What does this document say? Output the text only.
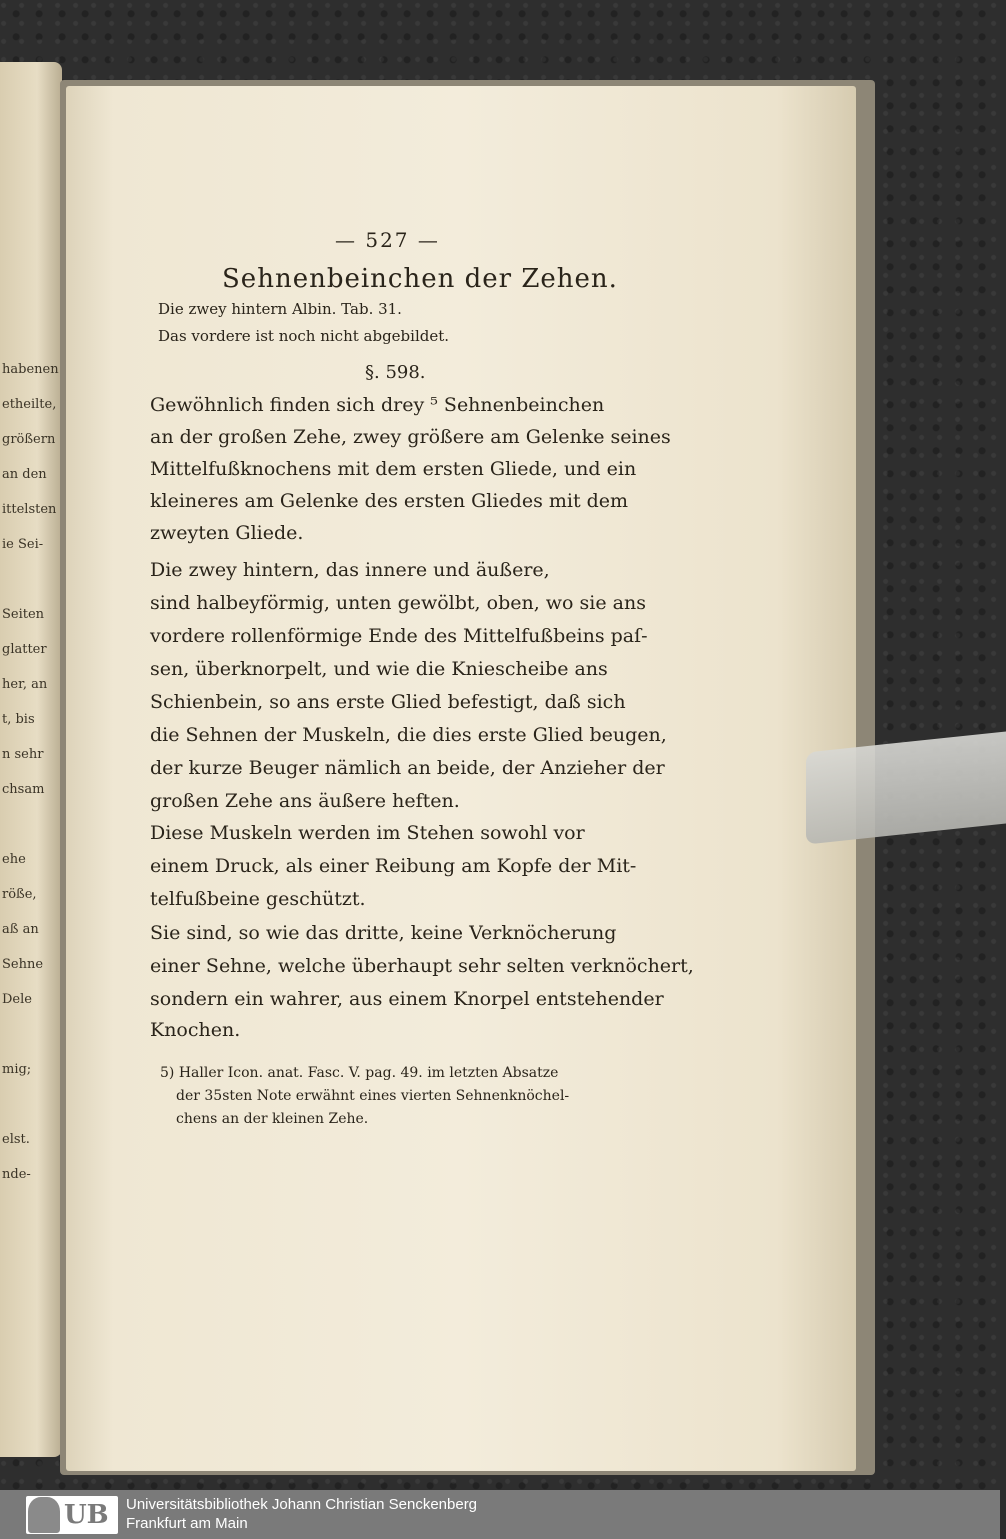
habenen
etheilte,
größern
an den
ittelsten
ie Sei-
Seiten
glatter
her, an
t, bis
n sehr
chsam
ehe
röße,
aß an
Sehne
Dele
mig;
elst.
nde-
— 527 —
Sehnenbeinchen der Zehen.
Die zwey hintern Albin. Tab. 31.
Das vordere ist noch nicht abgebildet.
§. 598.
Gewöhnlich finden sich drey ⁵ Sehnenbeinchen
an der großen Zehe, zwey größere am Gelenke seines
Mittelfußknochens mit dem ersten Gliede, und ein
kleineres am Gelenke des ersten Gliedes mit dem
zweyten Gliede.
Die zwey hintern, das innere und äußere,
sind halbeyförmig, unten gewölbt, oben, wo sie ans
vordere rollenförmige Ende des Mittelfußbeins paſ-
sen, überknorpelt, und wie die Kniescheibe ans
Schienbein, so ans erste Glied befestigt, daß sich
die Sehnen der Muskeln, die dies erste Glied beugen,
der kurze Beuger nämlich an beide, der Anzieher der
großen Zehe ans äußere heften.
Diese Muskeln werden im Stehen sowohl vor
einem Druck, als einer Reibung am Kopfe der Mit-
telfußbeine geschützt.
Sie sind, so wie das dritte, keine Verknöcherung
einer Sehne, welche überhaupt sehr selten verknöchert,
sondern ein wahrer, aus einem Knorpel entstehender
Knochen.
5) Haller Icon. anat. Fasc. V. pag. 49. im letzten Absatze
der 35sten Note erwähnt eines vierten Sehnenknöchel-
chens an der kleinen Zehe.
UB Universitätsbibliothek Johann Christian Senckenberg
Frankfurt am Main
